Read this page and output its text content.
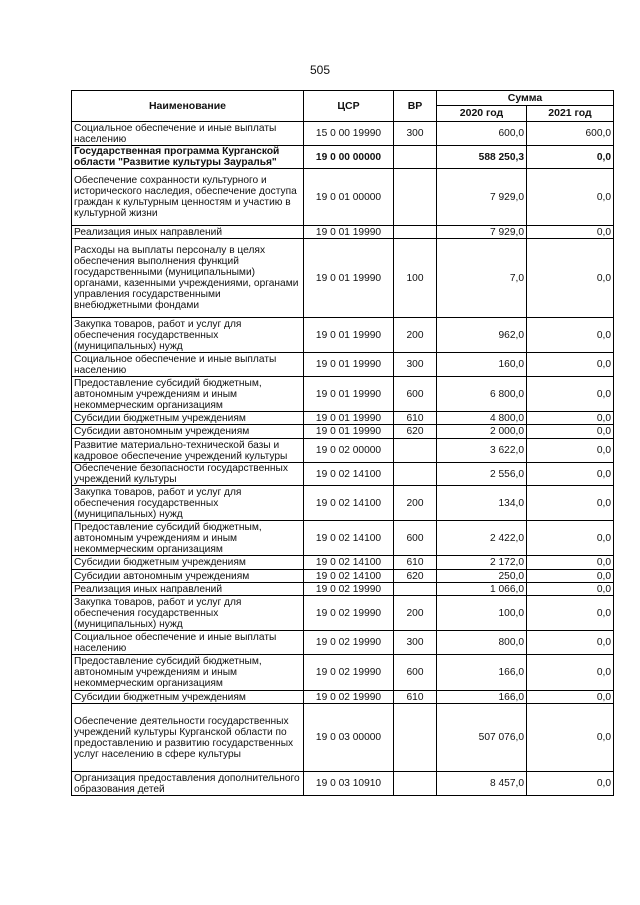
505
Наименование	ЦСР	ВР	Сумма	
			2020 год	2021 год
Социальное обеспечение и иные выплаты населению	15 0 00 19990	300	600,0	600,0
Государственная программа Курганской области "Развитие культуры Зауралья"	19 0 00 00000		588 250,3	0,0
Обеспечение сохранности культурного и исторического наследия, обеспечение доступа граждан к культурным ценностям и участию в культурной жизни	19 0 01 00000		7 929,0	0,0
Реализация иных направлений	19 0 01 19990		7 929,0	0,0
Расходы на выплаты персоналу в целях обеспечения выполнения функций государственными (муниципальными) органами, казенными учреждениями, органами управления государственными внебюджетными фондами	19 0 01 19990	100	7,0	0,0
Закупка товаров, работ и услуг для обеспечения государственных (муниципальных) нужд	19 0 01 19990	200	962,0	0,0
Социальное обеспечение и иные выплаты населению	19 0 01 19990	300	160,0	0,0
Предоставление субсидий бюджетным, автономным учреждениям и иным некоммерческим организациям	19 0 01 19990	600	6 800,0	0,0
Субсидии бюджетным учреждениям	19 0 01 19990	610	4 800,0	0,0
Субсидии автономным учреждениям	19 0 01 19990	620	2 000,0	0,0
Развитие материально-технической базы и кадровое обеспечение учреждений культуры	19 0 02 00000		3 622,0	0,0
Обеспечение безопасности государственных учреждений культуры	19 0 02 14100		2 556,0	0,0
Закупка товаров, работ и услуг для обеспечения государственных (муниципальных) нужд	19 0 02 14100	200	134,0	0,0
Предоставление субсидий бюджетным, автономным учреждениям и иным некоммерческим организациям	19 0 02 14100	600	2 422,0	0,0
Субсидии бюджетным учреждениям	19 0 02 14100	610	2 172,0	0,0
Субсидии автономным учреждениям	19 0 02 14100	620	250,0	0,0
Реализация иных направлений	19 0 02 19990		1 066,0	0,0
Закупка товаров, работ и услуг для обеспечения государственных (муниципальных) нужд	19 0 02 19990	200	100,0	0,0
Социальное обеспечение и иные выплаты населению	19 0 02 19990	300	800,0	0,0
Предоставление субсидий бюджетным, автономным учреждениям и иным некоммерческим организациям	19 0 02 19990	600	166,0	0,0
Субсидии бюджетным учреждениям	19 0 02 19990	610	166,0	0,0
Обеспечение деятельности государственных учреждений культуры Курганской области по предоставлению и развитию государственных услуг населению в сфере культуры	19 0 03 00000		507 076,0	0,0
Организация предоставления дополнительного образования детей	19 0 03 10910		8 457,0	0,0
